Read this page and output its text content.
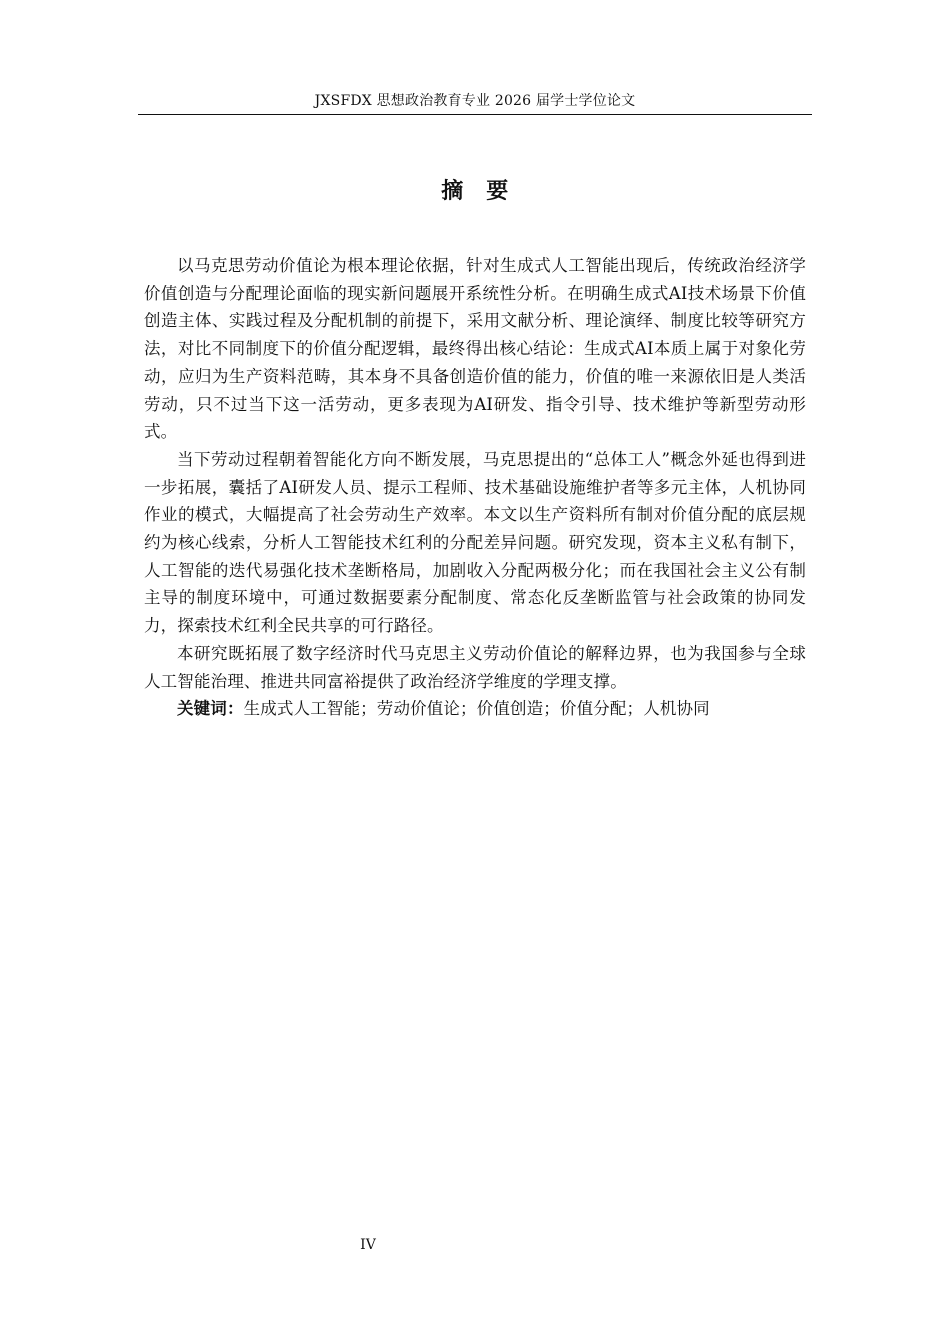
JXSFDX 思想政治教育专业 2026 届学士学位论文
摘　要

以马克思劳动价值论为根本理论依据，针对生成式人工智能出现后，传统政治经济学价值创造与分配理论面临的现实新问题展开系统性分析。在明确生成式AI技术场景下价值创造主体、实践过程及分配机制的前提下，采用文献分析、理论演绎、制度比较等研究方法，对比不同制度下的价值分配逻辑，最终得出核心结论：生成式AI本质上属于对象化劳动，应归为生产资料范畴，其本身不具备创造价值的能力，价值的唯一来源依旧是人类活劳动，只不过当下这一活劳动，更多表现为AI研发、指令引导、技术维护等新型劳动形式。

当下劳动过程朝着智能化方向不断发展，马克思提出的“总体工人”概念外延也得到进一步拓展，囊括了AI研发人员、提示工程师、技术基础设施维护者等多元主体，人机协同作业的模式，大幅提高了社会劳动生产效率。本文以生产资料所有制对价值分配的底层规约为核心线索，分析人工智能技术红利的分配差异问题。研究发现，资本主义私有制下，人工智能的迭代易强化技术垄断格局，加剧收入分配两极分化；而在我国社会主义公有制主导的制度环境中，可通过数据要素分配制度、常态化反垄断监管与社会政策的协同发力，探索技术红利全民共享的可行路径。

本研究既拓展了数字经济时代马克思主义劳动价值论的解释边界，也为我国参与全球人工智能治理、推进共同富裕提供了政治经济学维度的学理支撑。

关键词：生成式人工智能；劳动价值论；价值创造；价值分配；人机协同

IV
